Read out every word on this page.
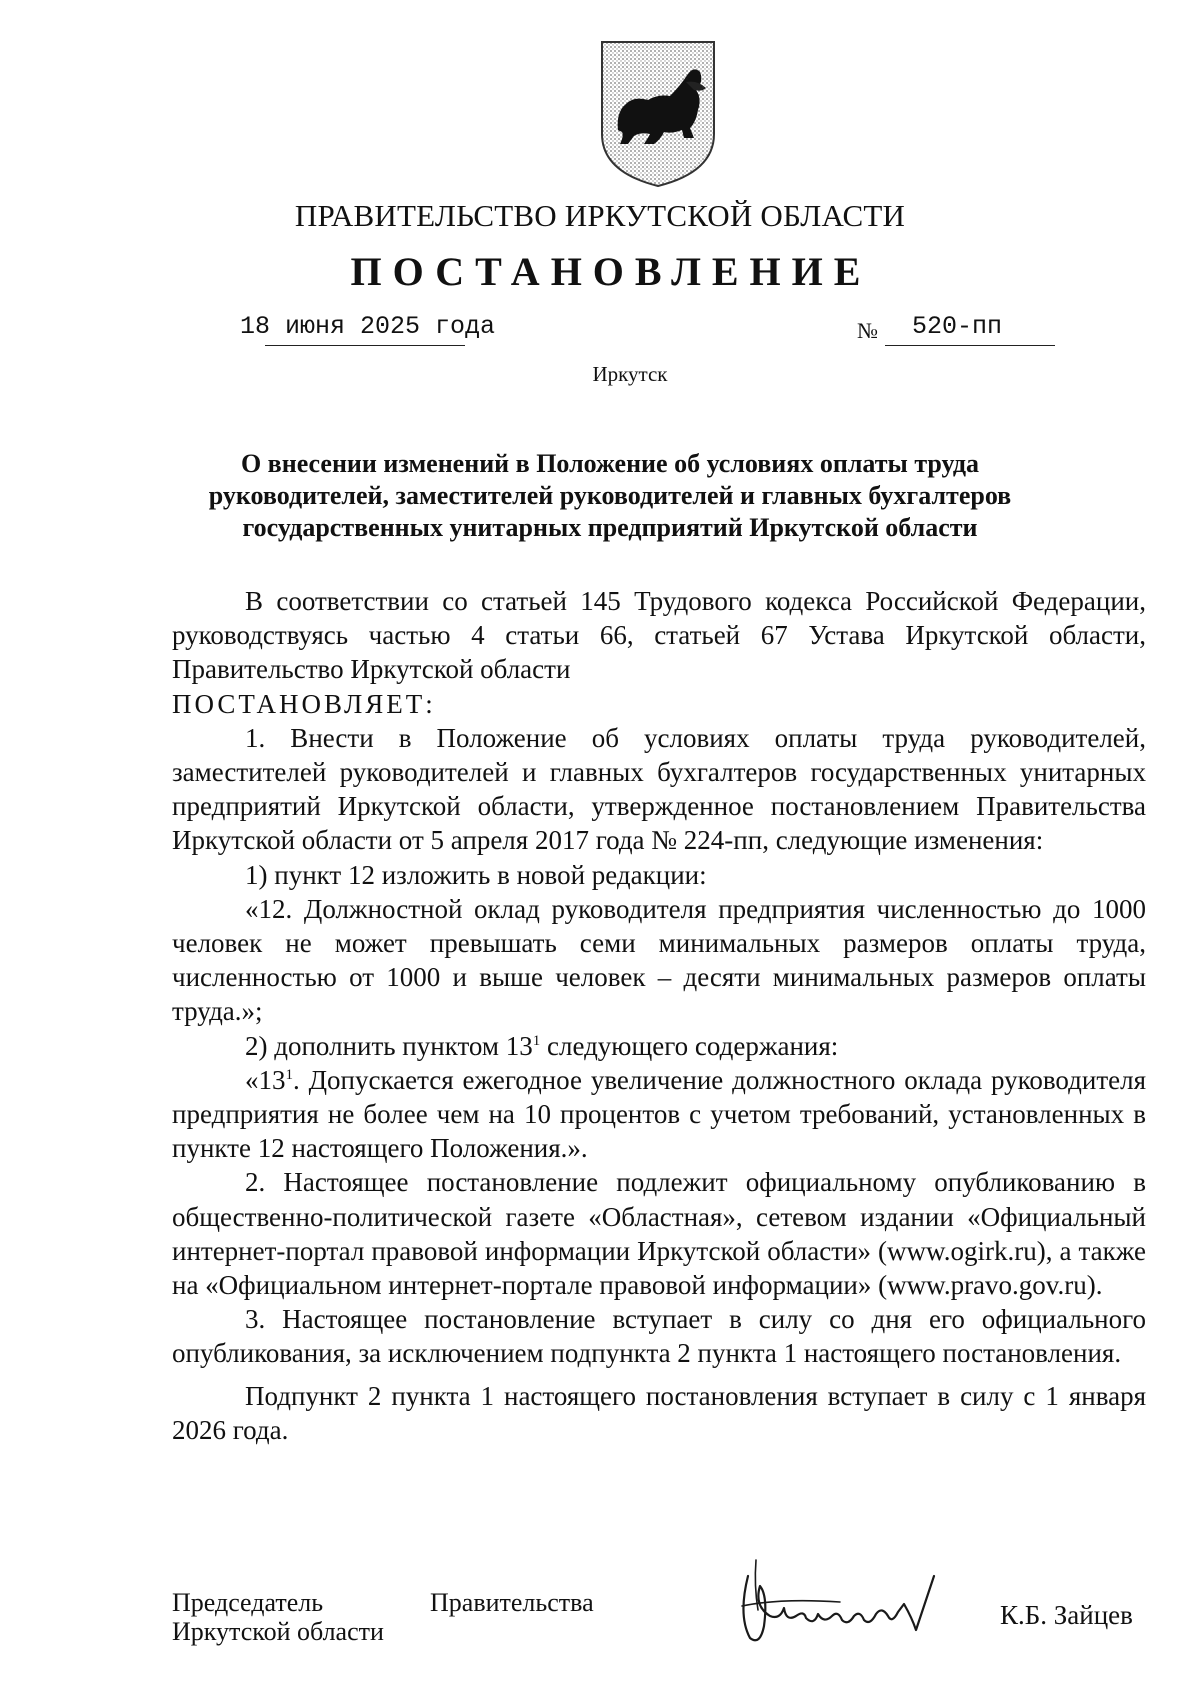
ПРАВИТЕЛЬСТВО ИРКУТСКОЙ ОБЛАСТИ
ПОСТАНОВЛЕНИЕ
18 июня 2025 года	№ 520-пп
Иркутск
О внесении изменений в Положение об условиях оплаты труда
руководителей, заместителей руководителей и главных бухгалтеров
государственных унитарных предприятий Иркутской области

В соответствии со статьей 145 Трудового кодекса Российской Федерации, руководствуясь частью 4 статьи 66, статьей 67 Устава Иркутской области, Правительство Иркутской области

ПОСТАНОВЛЯЕТ:

1. Внести в Положение об условиях оплаты труда руководителей, заместителей руководителей и главных бухгалтеров государственных унитарных предприятий Иркутской области, утвержденное постановлением Правительства Иркутской области от 5 апреля 2017 года № 224-пп, следующие изменения:

1) пункт 12 изложить в новой редакции:

«12. Должностной оклад руководителя предприятия численностью до 1000 человек не может превышать семи минимальных размеров оплаты труда, численностью от 1000 и выше человек – десяти минимальных размеров оплаты труда.»;

2) дополнить пунктом $13^1$ следующего содержания:

«$13^1$. Допускается ежегодное увеличение должностного оклада руководителя предприятия не более чем на 10 процентов с учетом требований, установленных в пункте 12 настоящего Положения.».

2. Настоящее постановление подлежит официальному опубликованию в общественно-политической газете «Областная», сетевом издании «Официальный интернет-портал правовой информации Иркутской области» (www.ogirk.ru), а также на «Официальном интернет-портале правовой информации» (www.pravo.gov.ru).

3. Настоящее постановление вступает в силу со дня его официального опубликования, за исключением подпункта 2 пункта 1 настоящего постановления.

Подпункт 2 пункта 1 настоящего постановления вступает в силу с 1 января 2026 года.

Председатель	Правительства
Иркутской области
К.Б. Зайцев
